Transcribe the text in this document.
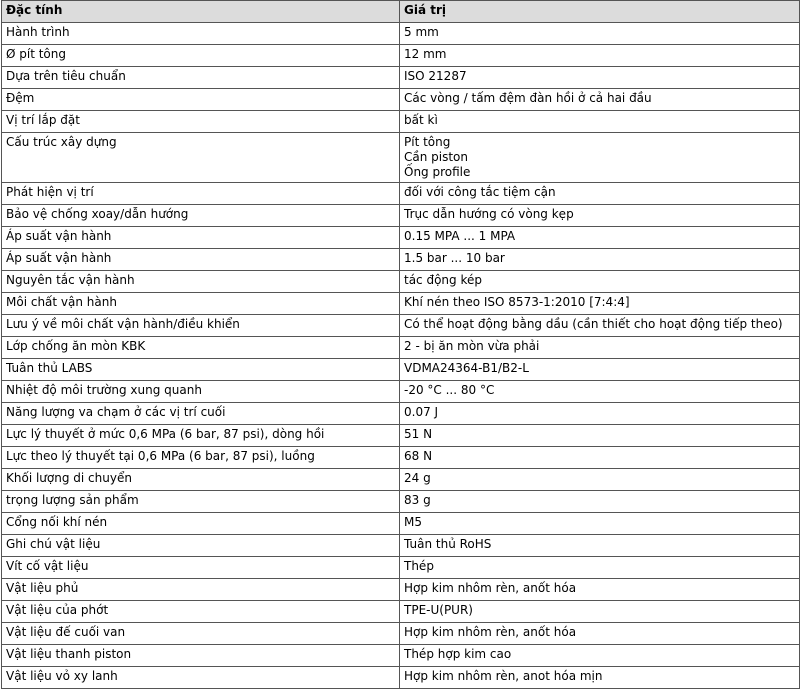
Đặc tính	Giá trị
Hành trình	5 mm

Ø pít tông	12 mm

Dựa trên tiêu chuẩn	ISO 21287

Đệm	Các vòng / tấm đệm đàn hồi ở cả hai đầu

Vị trí lắp đặt	bất kì

Cấu trúc xây dựng	Pít tông
Cần piston
Ống profile

Phát hiện vị trí	đối với công tắc tiệm cận

Bảo vệ chống xoay/dẫn hướng	Trục dẫn hướng có vòng kẹp

Áp suất vận hành	0.15 MPA ... 1 MPA

Áp suất vận hành	1.5 bar ... 10 bar

Nguyên tắc vận hành	tác động kép

Môi chất vận hành	Khí nén theo ISO 8573-1:2010 [7:4:4]

Lưu ý về môi chất vận hành/điều khiển	Có thể hoạt động bằng dầu (cần thiết cho hoạt động tiếp theo)

Lớp chống ăn mòn KBK	2 - bị ăn mòn vừa phải

Tuân thủ LABS	VDMA24364-B1/B2-L

Nhiệt độ môi trường xung quanh	-20 °C ... 80 °C

Năng lượng va chạm ở các vị trí cuối	0.07 J

Lực lý thuyết ở mức 0,6 MPa (6 bar, 87 psi), dòng hồi	51 N

Lực theo lý thuyết tại 0,6 MPa (6 bar, 87 psi), luồng	68 N

Khối lượng di chuyển	24 g

trọng lượng sản phẩm	83 g

Cổng nối khí nén	M5

Ghi chú vật liệu	Tuân thủ RoHS

Vít cố vật liệu	Thép

Vật liệu phủ	Hợp kim nhôm rèn, anốt hóa

Vật liệu của phớt	TPE-U(PUR)

Vật liệu đế cuối van	Hợp kim nhôm rèn, anốt hóa

Vật liệu thanh piston	Thép hợp kim cao

Vật liệu vỏ xy lanh	Hợp kim nhôm rèn, anot hóa mịn
